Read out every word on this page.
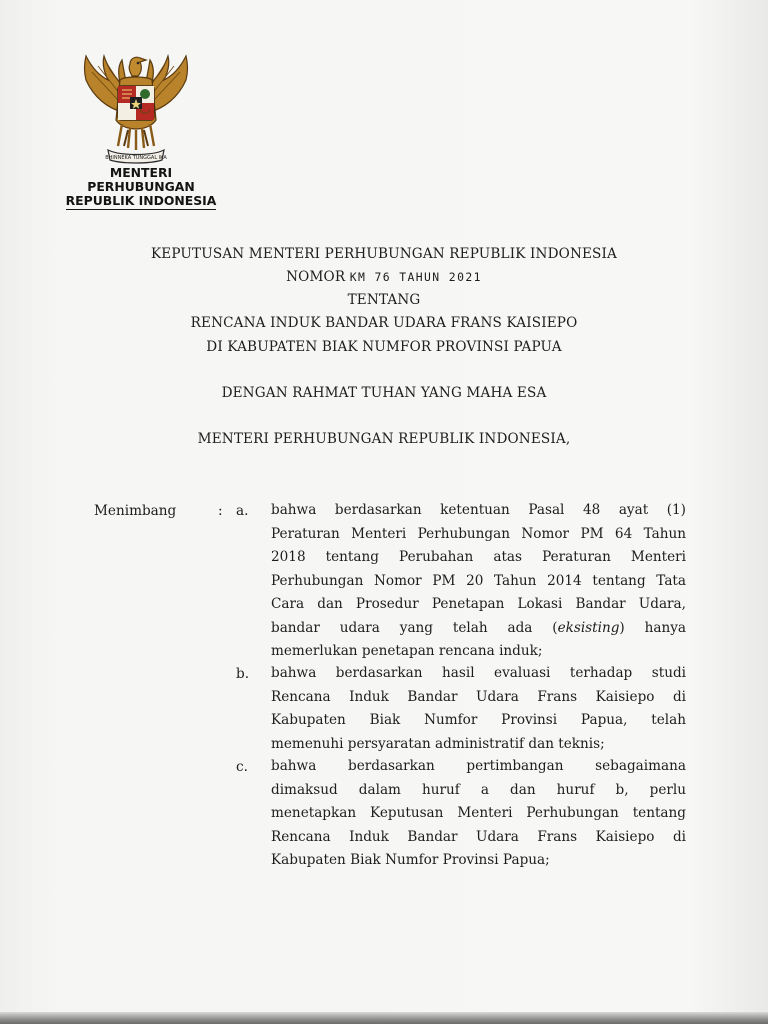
BHINNEKA TUNGGAL IKA
MENTERI PERHUBUNGAN
REPUBLIK INDONESIA
KEPUTUSAN MENTERI PERHUBUNGAN REPUBLIK INDONESIA
NOMOR KM 76 TAHUN 2021
TENTANG
RENCANA INDUK BANDAR UDARA FRANS KAISIEPO
DI KABUPATEN BIAK NUMFOR PROVINSI PAPUA
DENGAN RAHMAT TUHAN YANG MAHA ESA
MENTERI PERHUBUNGAN REPUBLIK INDONESIA,
Menimbang	: a. bahwa berdasarkan ketentuan Pasal 48 ayat (1)
Peraturan Menteri Perhubungan Nomor PM 64 Tahun
2018 tentang Perubahan atas Peraturan Menteri
Perhubungan Nomor PM 20 Tahun 2014 tentang Tata
Cara dan Prosedur Penetapan Lokasi Bandar Udara,
bandar udara yang telah ada (eksisting) hanya
memerlukan penetapan rencana induk;
b. bahwa berdasarkan hasil evaluasi terhadap studi
Rencana Induk Bandar Udara Frans Kaisiepo di
Kabupaten Biak Numfor Provinsi Papua, telah
memenuhi persyaratan administratif dan teknis;
c. bahwa berdasarkan pertimbangan sebagaimana
dimaksud dalam huruf a dan huruf b, perlu
menetapkan Keputusan Menteri Perhubungan tentang
Rencana Induk Bandar Udara Frans Kaisiepo di
Kabupaten Biak Numfor Provinsi Papua;
